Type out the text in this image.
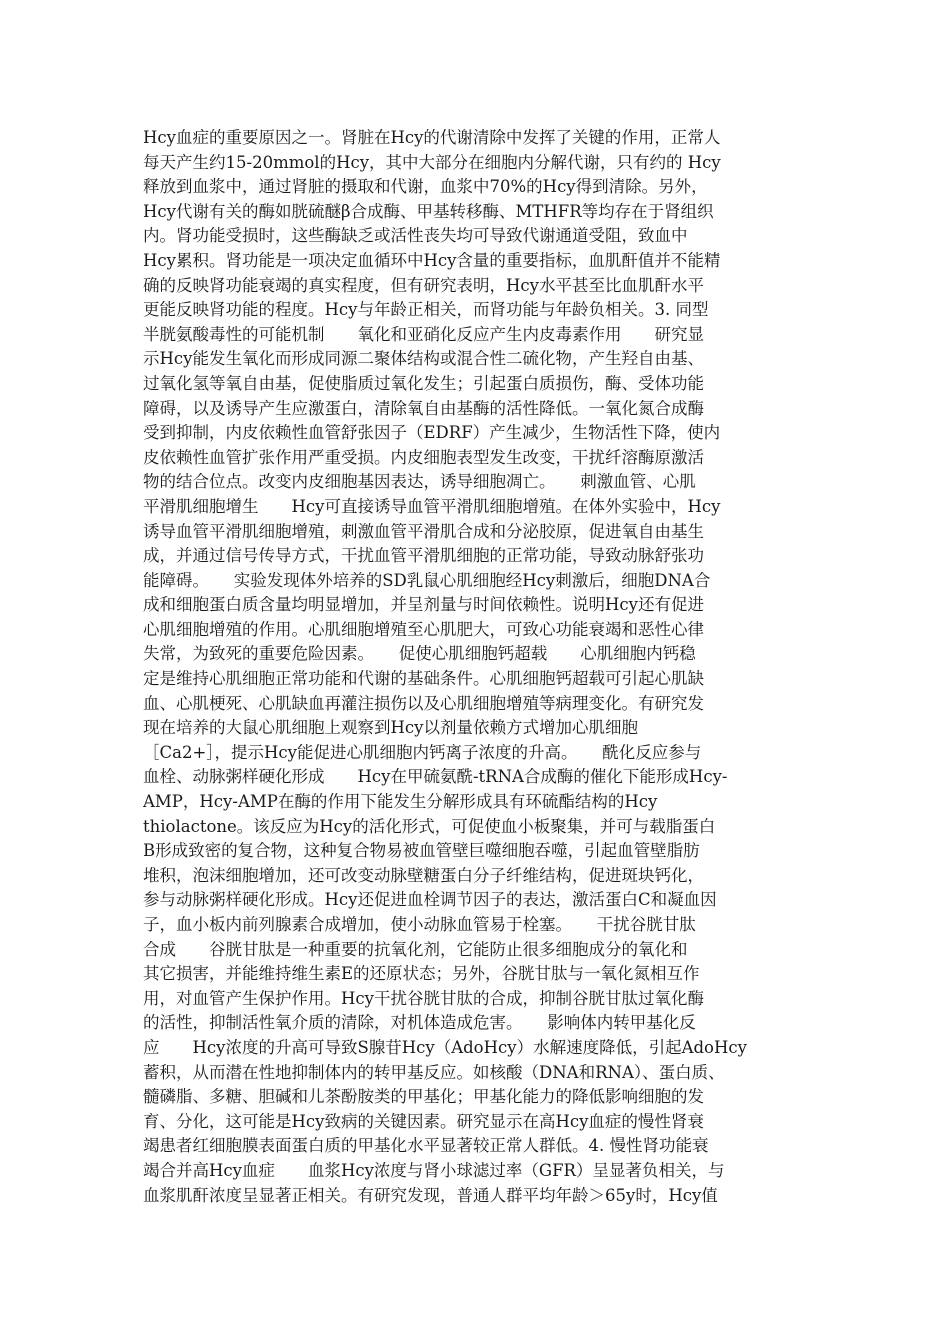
Hcy血症的重要原因之一。肾脏在Hcy的代谢清除中发挥了关键的作用，正常人
每天产生约15-20mmol的Hcy，其中大部分在细胞内分解代谢，只有约的 Hcy
释放到血浆中，通过肾脏的摄取和代谢，血浆中70%的Hcy得到清除。另外，
Hcy代谢有关的酶如胱硫醚β合成酶、甲基转移酶、MTHFR等均存在于肾组织
内。肾功能受损时，这些酶缺乏或活性丧失均可导致代谢通道受阻，致血中
Hcy累积。肾功能是一项决定血循环中Hcy含量的重要指标，血肌酐值并不能精
确的反映肾功能衰竭的真实程度，但有研究表明，Hcy水平甚至比血肌酐水平
更能反映肾功能的程度。Hcy与年龄正相关，而肾功能与年龄负相关。3. 同型
半胱氨酸毒性的可能机制　　氧化和亚硝化反应产生内皮毒素作用　　研究显
示Hcy能发生氧化而形成同源二聚体结构或混合性二硫化物，产生羟自由基、
过氧化氢等氧自由基，促使脂质过氧化发生；引起蛋白质损伤，酶、受体功能
障碍，以及诱导产生应激蛋白，清除氧自由基酶的活性降低。一氧化氮合成酶
受到抑制，内皮依赖性血管舒张因子（EDRF）产生减少，生物活性下降，使内
皮依赖性血管扩张作用严重受损。内皮细胞表型发生改变，干扰纤溶酶原激活
物的结合位点。改变内皮细胞基因表达，诱导细胞凋亡。　　刺激血管、心肌
平滑肌细胞增生　　Hcy可直接诱导血管平滑肌细胞增殖。在体外实验中，Hcy
诱导血管平滑肌细胞增殖，刺激血管平滑肌合成和分泌胶原，促进氧自由基生
成，并通过信号传导方式，干扰血管平滑肌细胞的正常功能，导致动脉舒张功
能障碍。　　实验发现体外培养的SD乳鼠心肌细胞经Hcy刺激后，细胞DNA合
成和细胞蛋白质含量均明显增加，并呈剂量与时间依赖性。说明Hcy还有促进
心肌细胞增殖的作用。心肌细胞增殖至心肌肥大，可致心功能衰竭和恶性心律
失常，为致死的重要危险因素。　　促使心肌细胞钙超载　　心肌细胞内钙稳
定是维持心肌细胞正常功能和代谢的基础条件。心肌细胞钙超载可引起心肌缺
血、心肌梗死、心肌缺血再灌注损伤以及心肌细胞增殖等病理变化。有研究发
现在培养的大鼠心肌细胞上观察到Hcy以剂量依赖方式增加心肌细胞
［Ca2+］，提示Hcy能促进心肌细胞内钙离子浓度的升高。　　酰化反应参与
血栓、动脉粥样硬化形成　　Hcy在甲硫氨酰-tRNA合成酶的催化下能形成Hcy-
AMP，Hcy-AMP在酶的作用下能发生分解形成具有环硫酯结构的Hcy
thiolactone。该反应为Hcy的活化形式，可促使血小板聚集，并可与载脂蛋白
B形成致密的复合物，这种复合物易被血管壁巨噬细胞吞噬，引起血管壁脂肪
堆积，泡沫细胞增加，还可改变动脉壁糖蛋白分子纤维结构，促进斑块钙化，
参与动脉粥样硬化形成。Hcy还促进血栓调节因子的表达，激活蛋白C和凝血因
子，血小板内前列腺素合成增加，使小动脉血管易于栓塞。　　干扰谷胱甘肽
合成　　谷胱甘肽是一种重要的抗氧化剂，它能防止很多细胞成分的氧化和
其它损害，并能维持维生素E的还原状态；另外，谷胱甘肽与一氧化氮相互作
用，对血管产生保护作用。Hcy干扰谷胱甘肽的合成，抑制谷胱甘肽过氧化酶
的活性，抑制活性氧介质的清除，对机体造成危害。　　影响体内转甲基化反
应　　Hcy浓度的升高可导致S腺苷Hcy（AdoHcy）水解速度降低，引起AdoHcy
蓄积，从而潜在性地抑制体内的转甲基反应。如核酸（DNA和RNA）、蛋白质、
髓磷脂、多糖、胆碱和儿茶酚胺类的甲基化；甲基化能力的降低影响细胞的发
育、分化，这可能是Hcy致病的关键因素。研究显示在高Hcy血症的慢性肾衰
竭患者红细胞膜表面蛋白质的甲基化水平显著较正常人群低。4. 慢性肾功能衰
竭合并高Hcy血症　　血浆Hcy浓度与肾小球滤过率（GFR）呈显著负相关，与
血浆肌酐浓度呈显著正相关。有研究发现，普通人群平均年龄＞65y时，Hcy值
